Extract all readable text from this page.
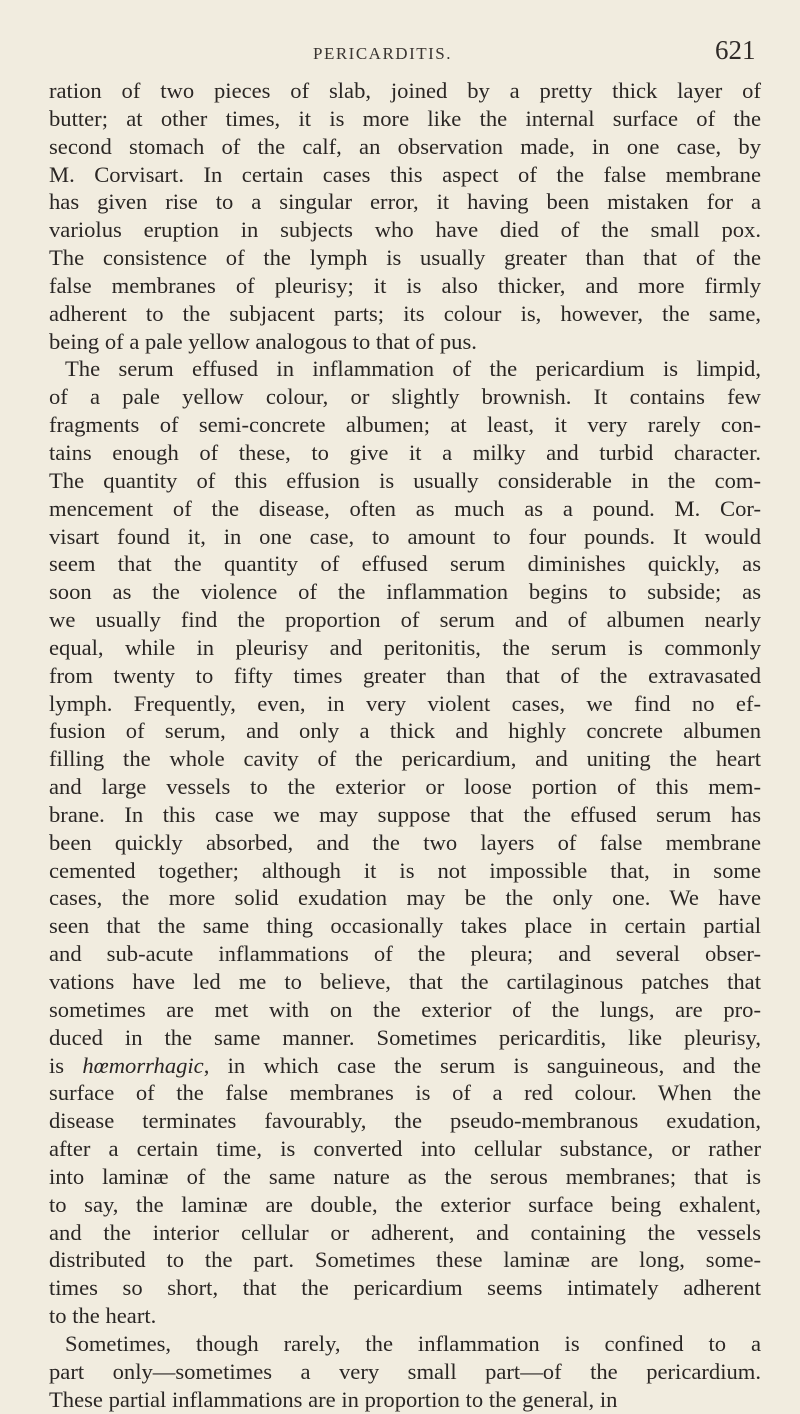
PERICARDITIS.	621
ration of two pieces of slab, joined by a pretty thick layer of
butter; at other times, it is more like the internal surface of the
second stomach of the calf, an observation made, in one case, by
M. Corvisart. In certain cases this aspect of the false membrane
has given rise to a singular error, it having been mistaken for a
variolus eruption in subjects who have died of the small pox.
The consistence of the lymph is usually greater than that of the
false membranes of pleurisy; it is also thicker, and more firmly
adherent to the subjacent parts; its colour is, however, the same,
being of a pale yellow analogous to that of pus.
The serum effused in inflammation of the pericardium is limpid,
of a pale yellow colour, or slightly brownish. It contains few
fragments of semi-concrete albumen; at least, it very rarely con-
tains enough of these, to give it a milky and turbid character.
The quantity of this effusion is usually considerable in the com-
mencement of the disease, often as much as a pound. M. Cor-
visart found it, in one case, to amount to four pounds. It would
seem that the quantity of effused serum diminishes quickly, as
soon as the violence of the inflammation begins to subside; as
we usually find the proportion of serum and of albumen nearly
equal, while in pleurisy and peritonitis, the serum is commonly
from twenty to fifty times greater than that of the extravasated
lymph. Frequently, even, in very violent cases, we find no ef-
fusion of serum, and only a thick and highly concrete albumen
filling the whole cavity of the pericardium, and uniting the heart
and large vessels to the exterior or loose portion of this mem-
brane. In this case we may suppose that the effused serum has
been quickly absorbed, and the two layers of false membrane
cemented together; although it is not impossible that, in some
cases, the more solid exudation may be the only one. We have
seen that the same thing occasionally takes place in certain partial
and sub-acute inflammations of the pleura; and several obser-
vations have led me to believe, that the cartilaginous patches that
sometimes are met with on the exterior of the lungs, are pro-
duced in the same manner. Sometimes pericarditis, like pleurisy,
is hœmorrhagic, in which case the serum is sanguineous, and the
surface of the false membranes is of a red colour. When the
disease terminates favourably, the pseudo-membranous exudation,
after a certain time, is converted into cellular substance, or rather
into laminæ of the same nature as the serous membranes; that is
to say, the laminæ are double, the exterior surface being exhalent,
and the interior cellular or adherent, and containing the vessels
distributed to the part. Sometimes these laminæ are long, some-
times so short, that the pericardium seems intimately adherent
to the heart.
Sometimes, though rarely, the inflammation is confined to a
part only—sometimes a very small part—of the pericardium.
These partial inflammations are in proportion to the general, in
